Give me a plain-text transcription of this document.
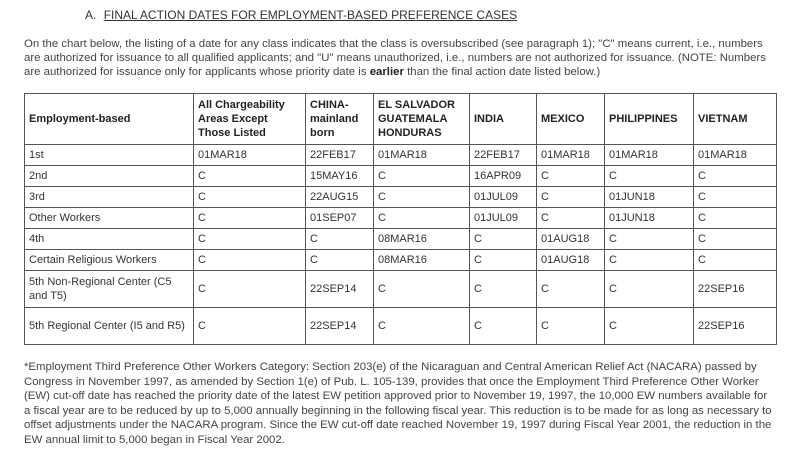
A. FINAL ACTION DATES FOR EMPLOYMENT-BASED PREFERENCE CASES
On the chart below, the listing of a date for any class indicates that the class is oversubscribed (see paragraph 1); "C" means current, i.e., numbers are authorized for issuance to all qualified applicants; and "U" means unauthorized, i.e., numbers are not authorized for issuance. (NOTE: Numbers are authorized for issuance only for applicants whose priority date is earlier than the final action date listed below.)
Employment-based	All Chargeability Areas Except Those Listed	CHINA-mainland born	EL SALVADOR GUATEMALA HONDURAS	INDIA	MEXICO	PHILIPPINES	VIETNAM
1st	01MAR18	22FEB17	01MAR18	22FEB17	01MAR18	01MAR18	01MAR18
2nd	C	15MAY16	C	16APR09	C	C	C
3rd	C	22AUG15	C	01JUL09	C	01JUN18	C
Other Workers	C	01SEP07	C	01JUL09	C	01JUN18	C
4th	C	C	08MAR16	C	01AUG18	C	C
Certain Religious Workers	C	C	08MAR16	C	01AUG18	C	C
5th Non-Regional Center (C5 and T5)	C	22SEP14	C	C	C	C	22SEP16
5th Regional Center (I5 and R5)	C	22SEP14	C	C	C	C	22SEP16
*Employment Third Preference Other Workers Category: Section 203(e) of the Nicaraguan and Central American Relief Act (NACARA) passed by Congress in November 1997, as amended by Section 1(e) of Pub. L. 105-139, provides that once the Employment Third Preference Other Worker (EW) cut-off date has reached the priority date of the latest EW petition approved prior to November 19, 1997, the 10,000 EW numbers available for a fiscal year are to be reduced by up to 5,000 annually beginning in the following fiscal year. This reduction is to be made for as long as necessary to offset adjustments under the NACARA program. Since the EW cut-off date reached November 19, 1997 during Fiscal Year 2001, the reduction in the EW annual limit to 5,000 began in Fiscal Year 2002.
